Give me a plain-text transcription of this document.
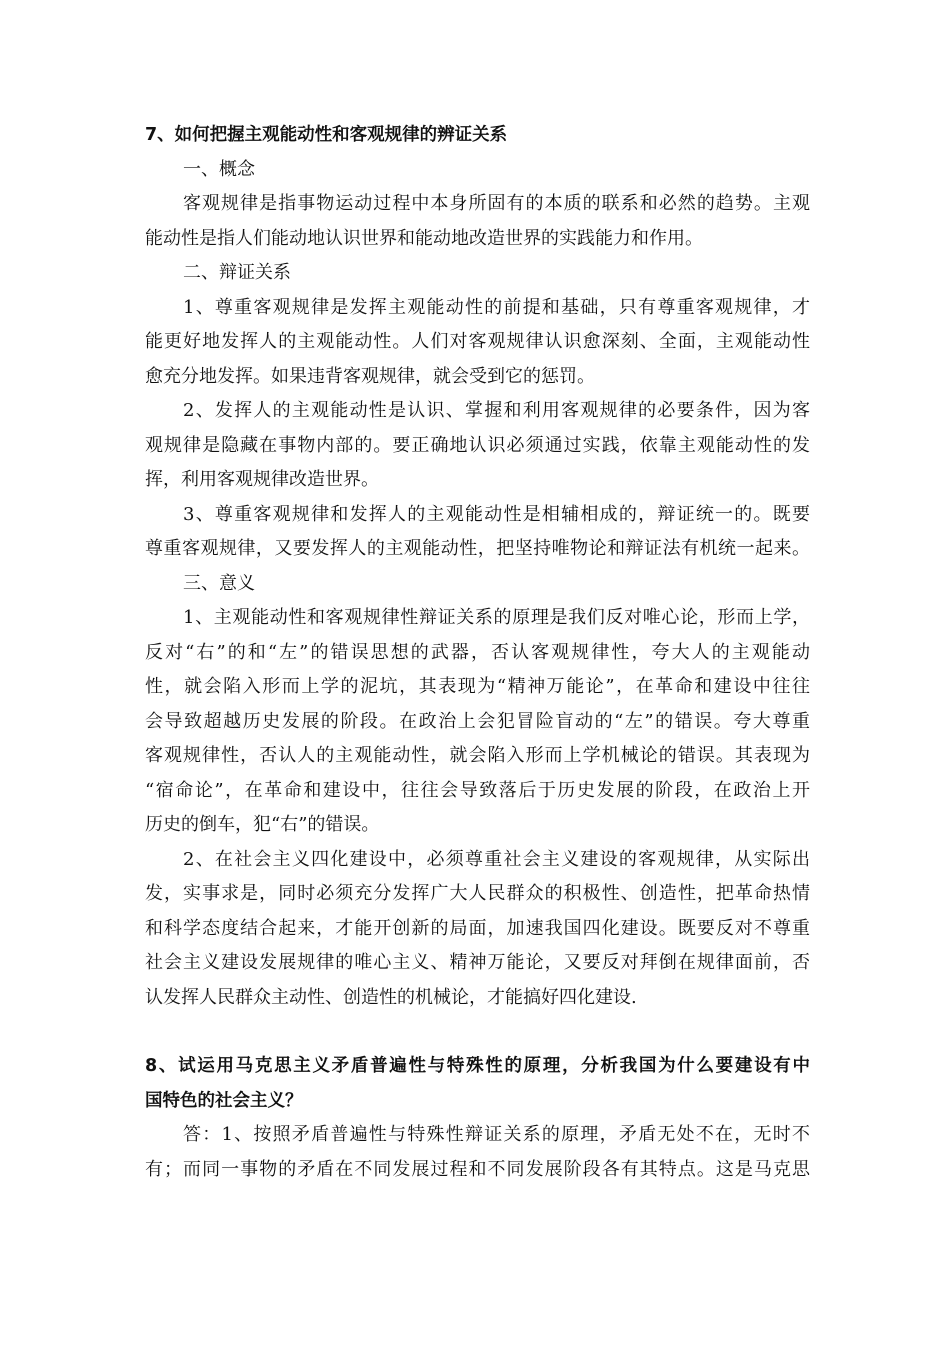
7、如何把握主观能动性和客观规律的辨证关系
一、概念
客观规律是指事物运动过程中本身所固有的本质的联系和必然的趋势。主观
能动性是指人们能动地认识世界和能动地改造世界的实践能力和作用。
二、辩证关系
1、尊重客观规律是发挥主观能动性的前提和基础，只有尊重客观规律，才
能更好地发挥人的主观能动性。人们对客观规律认识愈深刻、全面，主观能动性
愈充分地发挥。如果违背客观规律，就会受到它的惩罚。
2、发挥人的主观能动性是认识、掌握和利用客观规律的必要条件，因为客
观规律是隐藏在事物内部的。要正确地认识必须通过实践，依靠主观能动性的发
挥，利用客观规律改造世界。
3、尊重客观规律和发挥人的主观能动性是相辅相成的，辩证统一的。既要
尊重客观规律，又要发挥人的主观能动性，把坚持唯物论和辩证法有机统一起来。
三、意义
1、主观能动性和客观规律性辩证关系的原理是我们反对唯心论，形而上学，
反对“右”的和“左”的错误思想的武器，否认客观规律性，夸大人的主观能动
性，就会陷入形而上学的泥坑，其表现为“精神万能论”，在革命和建设中往往
会导致超越历史发展的阶段。在政治上会犯冒险盲动的“左”的错误。夸大尊重
客观规律性，否认人的主观能动性，就会陷入形而上学机械论的错误。其表现为
“宿命论”，在革命和建设中，往往会导致落后于历史发展的阶段，在政治上开
历史的倒车，犯“右”的错误。
2、在社会主义四化建设中，必须尊重社会主义建设的客观规律，从实际出
发，实事求是，同时必须充分发挥广大人民群众的积极性、创造性，把革命热情
和科学态度结合起来，才能开创新的局面，加速我国四化建设。既要反对不尊重
社会主义建设发展规律的唯心主义、精神万能论，又要反对拜倒在规律面前，否
认发挥人民群众主动性、创造性的机械论，才能搞好四化建设.
8、试运用马克思主义矛盾普遍性与特殊性的原理，分析我国为什么要建设有中
国特色的社会主义？
答：1、按照矛盾普遍性与特殊性辩证关系的原理，矛盾无处不在，无时不
有；而同一事物的矛盾在不同发展过程和不同发展阶段各有其特点。这是马克思
